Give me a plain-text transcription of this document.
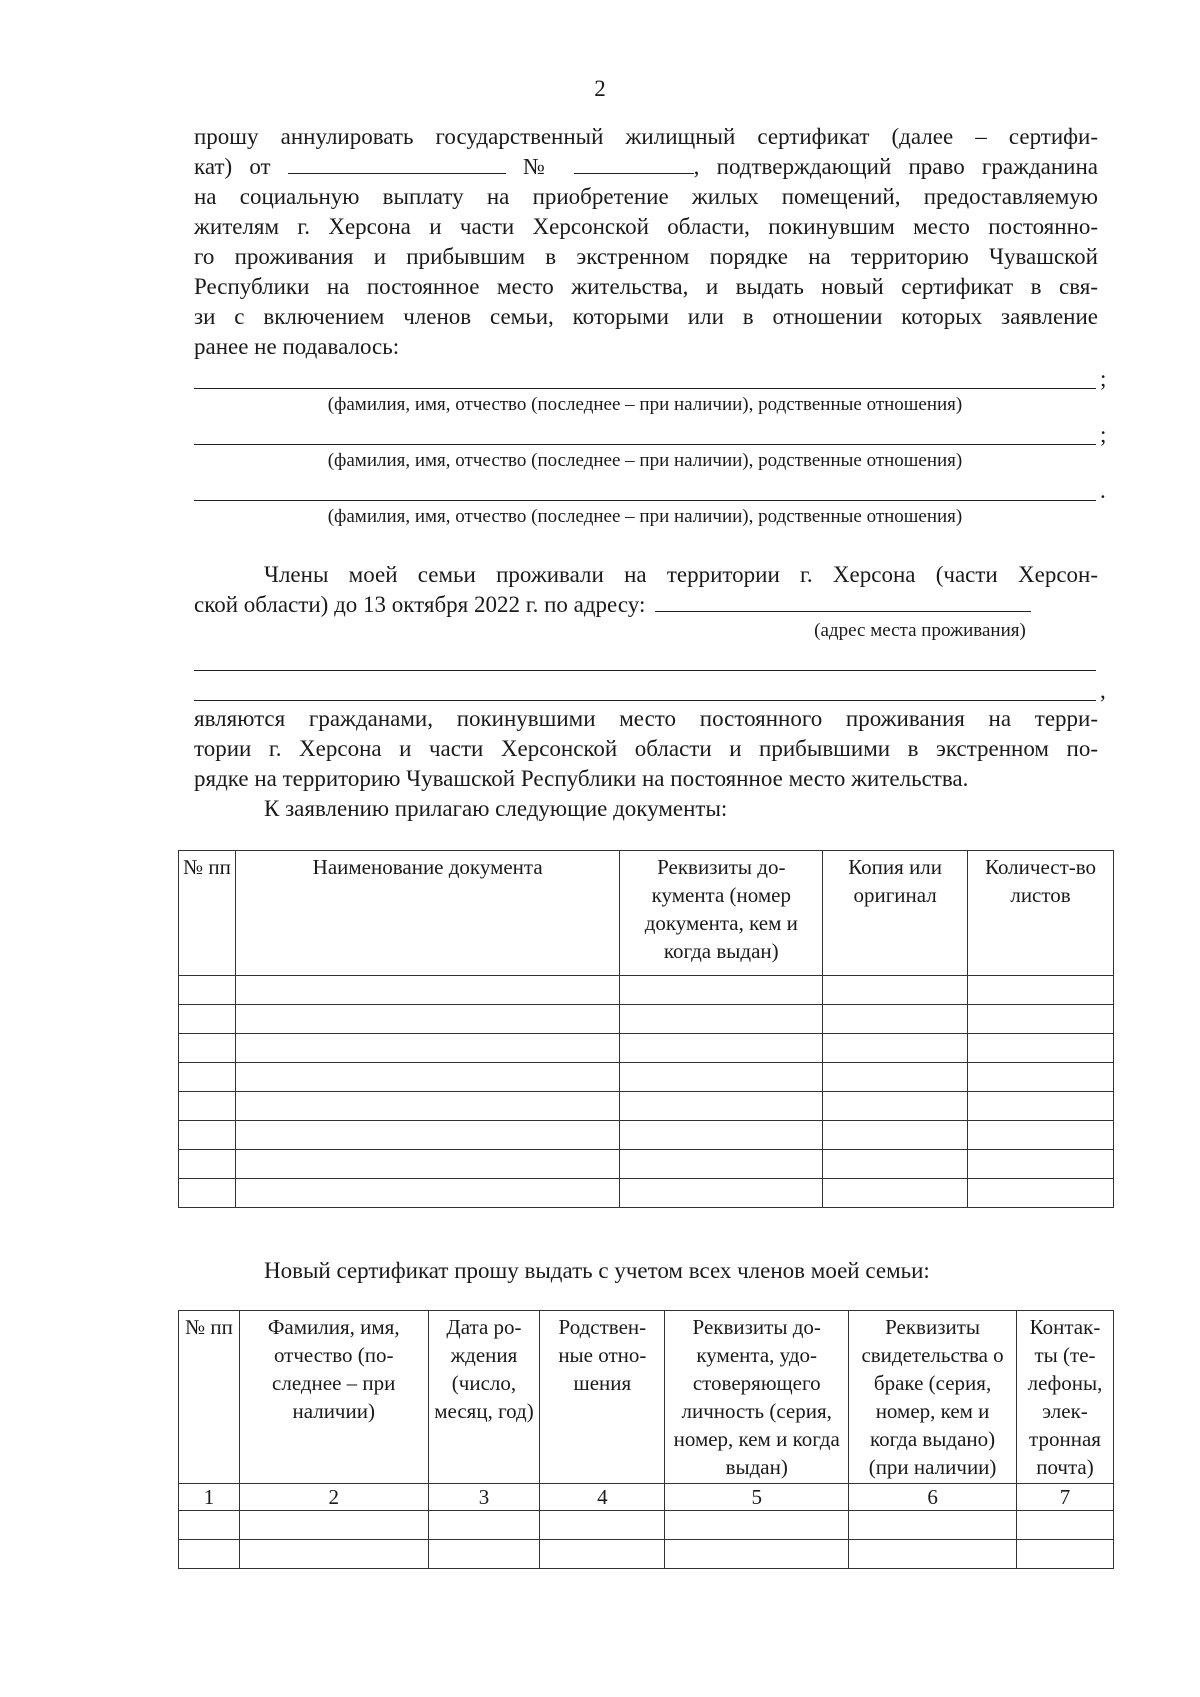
2
прошу аннулировать государственный жилищный сертификат (далее – сертифи-
кат) от	№	, подтверждающий право гражданина
на социальную выплату на приобретение жилых помещений, предоставляемую
жителям г. Херсона и части Херсонской области, покинувшим место постоянно-
го проживания и прибывшим в экстренном порядке на территорию Чувашской
Республики на постоянное место жительства, и выдать новый сертификат в свя-
зи с включением членов семьи, которыми или в отношении которых заявление
ранее не подавалось:
;
(фамилия, имя, отчество (последнее – при наличии), родственные отношения)
;
(фамилия, имя, отчество (последнее – при наличии), родственные отношения)
.
(фамилия, имя, отчество (последнее – при наличии), родственные отношения)
Члены моей семьи проживали на территории г. Херсона (части Херсон-
ской области) до 13 октября 2022 г. по адресу:
(адрес места проживания)
,
являются гражданами, покинувшими место постоянного проживания на терри-
тории г. Херсона и части Херсонской области и прибывшими в экстренном по-
рядке на территорию Чувашской Республики на постоянное место жительства.
К заявлению прилагаю следующие документы:
№ пп	Наименование документа	Реквизиты до-кумента (номер документа, кем и когда выдан)	Копия или оригинал	Количест-во листов

Новый сертификат прошу выдать с учетом всех членов моей семьи:
№ пп	Фамилия, имя, отчество (по-следнее – при наличии)	Дата ро-ждения (число, месяц, год)	Родствен-ные отно-шения	Реквизиты до-кумента, удо-стоверяющего личность (серия, номер, кем и когда выдан)	Реквизиты свидетельства о браке (серия, номер, кем и когда выдано) (при наличии)	Контак-ты (те-лефоны, элек-тронная почта)
1	2	3	4	5	6	7
